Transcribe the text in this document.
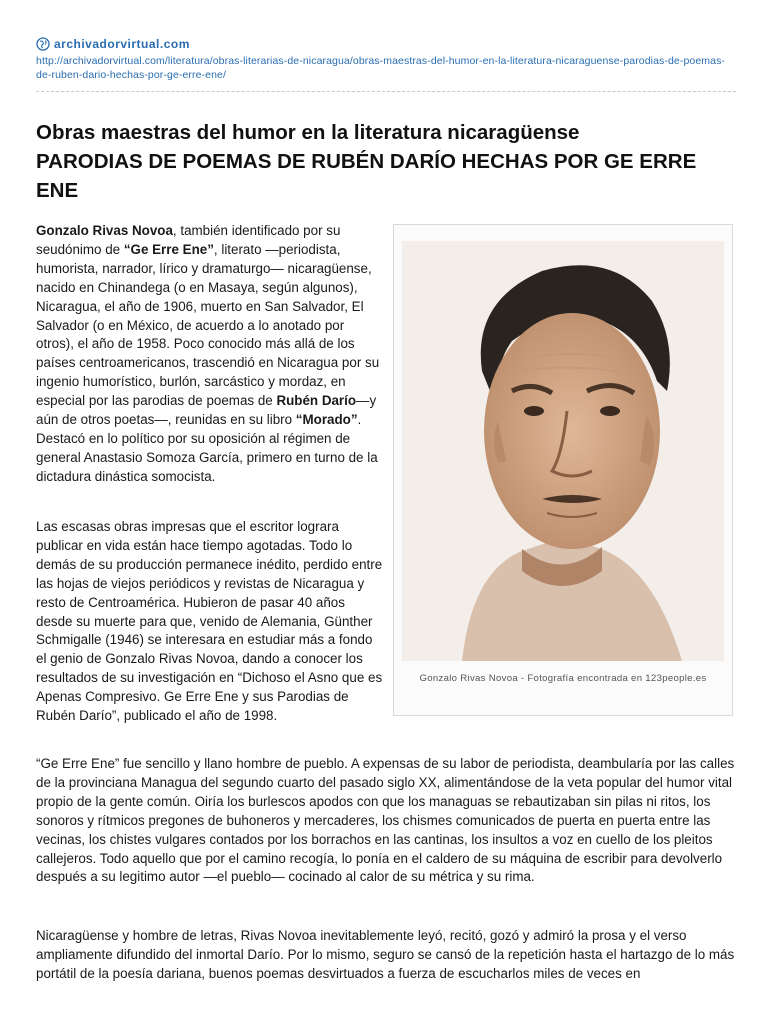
archivadorvirtual.com
http://archivadorvirtual.com/literatura/obras-literarias-de-nicaragua/obras-maestras-del-humor-en-la-literatura-nicaraguense-parodias-de-poemas-de-ruben-dario-hechas-por-ge-erre-ene/
Obras maestras del humor en la literatura nicaragüense
PARODIAS DE POEMAS DE RUBÉN DARÍO HECHAS POR GE ERRE ENE

Gonzalo Rivas Novoa, también identificado por su seudónimo de “Ge Erre Ene”, literato —periodista, humorista, narrador, lírico y dramaturgo— nicaragüense, nacido en Chinandega (o en Masaya, según algunos), Nicaragua, el año de 1906, muerto en San Salvador, El Salvador (o en México, de acuerdo a lo anotado por otros), el año de 1958. Poco conocido más allá de los países centroamericanos, trascendió en Nicaragua por su ingenio humorístico, burlón, sarcástico y mordaz, en especial por las parodias de poemas de Rubén Darío—y aún de otros poetas—, reunidas en su libro “Morado”. Destacó en lo político por su oposición al régimen de general Anastasio Somoza García, primero en turno de la dictadura dinástica somocista.

Las escasas obras impresas que el escritor lograra publicar en vida están hace tiempo agotadas. Todo lo demás de su producción permanece inédito, perdido entre las hojas de viejos periódicos y revistas de Nicaragua y resto de Centroamérica. Hubieron de pasar 40 años desde su muerte para que, venido de Alemania, Günther Schmigalle (1946) se interesara en estudiar más a fondo el genio de Gonzalo Rivas Novoa, dando a conocer los resultados de su investigación en “Dichoso el Asno que es Apenas Compresivo. Ge Erre Ene y sus Parodias de Rubén Darío”, publicado el año de 1998.

Gonzalo Rivas Novoa - Fotografía encontrada en 123people.es

“Ge Erre Ene” fue sencillo y llano hombre de pueblo. A expensas de su labor de periodista, deambularía por las calles de la provinciana Managua del segundo cuarto del pasado siglo XX, alimentándose de la veta popular del humor vital propio de la gente común. Oiría los burlescos apodos con que los managuas se rebautizaban sin pilas ni ritos, los sonoros y rítmicos pregones de buhoneros y mercaderes, los chismes comunicados de puerta en puerta entre las vecinas, los chistes vulgares contados por los borrachos en las cantinas, los insultos a voz en cuello de los pleitos callejeros. Todo aquello que por el camino recogía, lo ponía en el caldero de su máquina de escribir para devolverlo después a su legitimo autor —el pueblo— cocinado al calor de su métrica y su rima.

Nicaragüense y hombre de letras, Rivas Novoa inevitablemente leyó, recitó, gozó y admiró la prosa y el verso ampliamente difundido del inmortal Darío. Por lo mismo, seguro se cansó de la repetición hasta el hartazgo de lo más portátil de la poesía dariana, buenos poemas desvirtuados a fuerza de escucharlos miles de veces en
